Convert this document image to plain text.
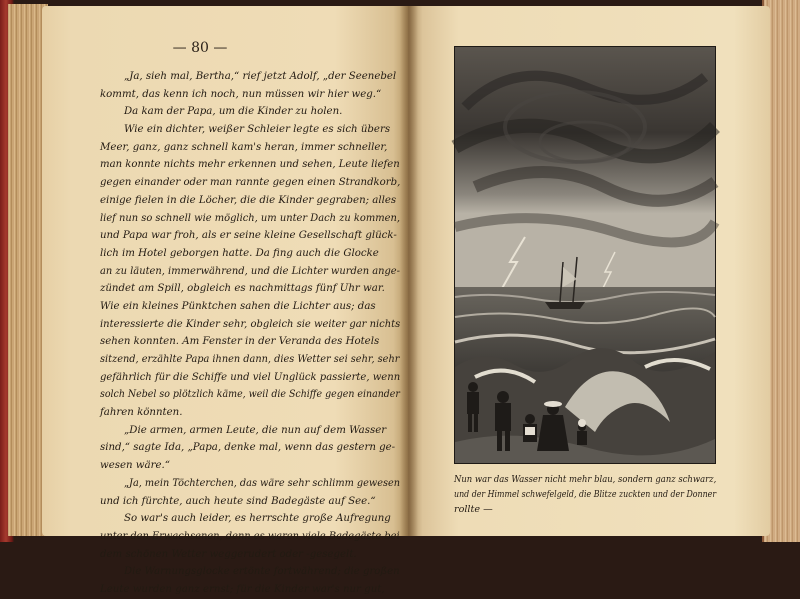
— 80 —
„Ja, sieh mal, Bertha,“ rief jetzt Adolf, „der Seenebel
kommt, das kenn ich noch, nun müssen wir hier weg.“
Da kam der Papa, um die Kinder zu holen.
Wie ein dichter, weißer Schleier legte es sich übers
Meer, ganz, ganz schnell kam's heran, immer schneller,
man konnte nichts mehr erkennen und sehen, Leute liefen
gegen einander oder man rannte gegen einen Strandkorb,
einige fielen in die Löcher, die die Kinder gegraben; alles
lief nun so schnell wie möglich, um unter Dach zu kommen,
und Papa war froh, als er seine kleine Gesellschaft glück-
lich im Hotel geborgen hatte. Da fing auch die Glocke
an zu läuten, immerwährend, und die Lichter wurden ange-
zündet am Spill, obgleich es nachmittags fünf Uhr war.
Wie ein kleines Pünktchen sahen die Lichter aus; das
interessierte die Kinder sehr, obgleich sie weiter gar nichts
sehen konnten. Am Fenster in der Veranda des Hotels
sitzend, erzählte Papa ihnen dann, dies Wetter sei sehr, sehr
gefährlich für die Schiffe und viel Unglück passierte, wenn
solch Nebel so plötzlich käme, weil die Schiffe gegen einander
fahren könnten.
„Die armen, armen Leute, die nun auf dem Wasser
sind,“ sagte Ida, „Papa, denke mal, wenn das gestern ge-
wesen wäre.“
„Ja, mein Töchterchen, das wäre sehr schlimm gewesen
und ich fürchte, auch heute sind Badegäste auf See.“
So war's auch leider, es herrschte große Aufregung
unter den Erwachsenen, denn es waren viele Badegäste bei
dem schönen Wetter weggerudert oder -gesegelt.
Die Warnungsglocke ertönte fortwährend; die großen
Leute wurden ganz ernst; für die Kinder war's nur gut,
Nun war das Wasser nicht mehr blau, sondern ganz schwarz,und der Himmel schwefelgeld, die Blitze zuckten und der Donner
rollte —
